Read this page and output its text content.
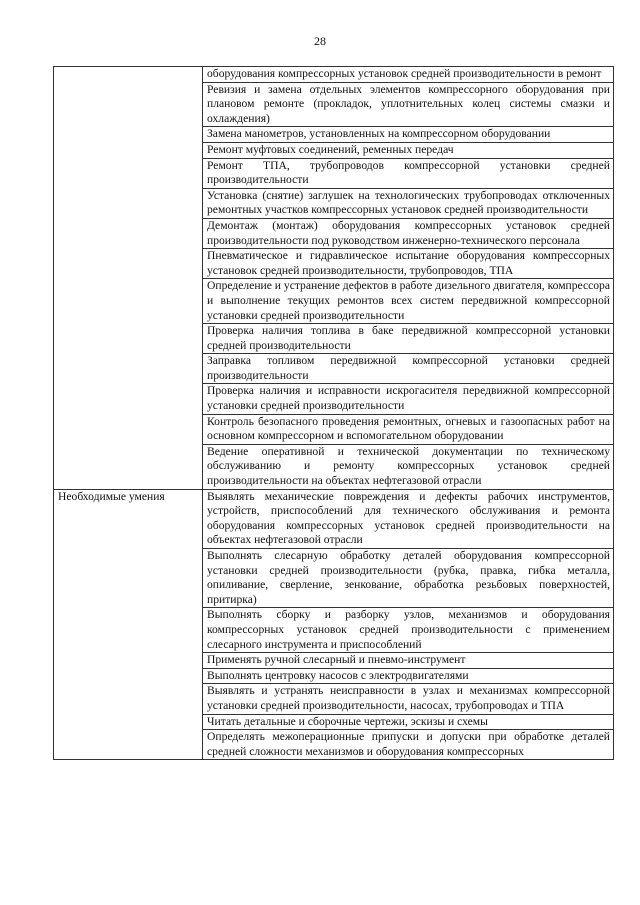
28
	оборудования компрессорных установок средней производительности в ремонт
	Ревизия и замена отдельных элементов компрессорного оборудования при плановом ремонте (прокладок, уплотнительных колец системы смазки и охлаждения)
	Замена манометров, установленных на компрессорном оборудовании
	Ремонт муфтовых соединений, ременных передач
	Ремонт ТПА, трубопроводов компрессорной установки средней производительности
	Установка (снятие) заглушек на технологических трубопроводах отключенных ремонтных участков компрессорных установок средней производительности
	Демонтаж (монтаж) оборудования компрессорных установок средней производительности под руководством инженерно-технического персонала
	Пневматическое и гидравлическое испытание оборудования компрессорных установок средней производительности, трубопроводов, ТПА
	Определение и устранение дефектов в работе дизельного двигателя, компрессора и выполнение текущих ремонтов всех систем передвижной компрессорной установки средней производительности
	Проверка наличия топлива в баке передвижной компрессорной установки средней производительности
	Заправка топливом передвижной компрессорной установки средней производительности
	Проверка наличия и исправности искрогасителя передвижной компрессорной установки средней производительности
	Контроль безопасного проведения ремонтных, огневых и газоопасных работ на основном компрессорном и вспомогательном оборудовании
	Ведение оперативной и технической документации по техническому обслуживанию и ремонту компрессорных установок средней производительности на объектах нефтегазовой отрасли
Необходимые умения	Выявлять механические повреждения и дефекты рабочих инструментов, устройств, приспособлений для технического обслуживания и ремонта оборудования компрессорных установок средней производительности на объектах нефтегазовой отрасли
	Выполнять слесарную обработку деталей оборудования компрессорной установки средней производительности (рубка, правка, гибка металла, опиливание, сверление, зенкование, обработка резьбовых поверхностей, притирка)
	Выполнять сборку и разборку узлов, механизмов и оборудования компрессорных установок средней производительности с применением слесарного инструмента и приспособлений
	Применять ручной слесарный и пневмо-инструмент
	Выполнять центровку насосов с электродвигателями
	Выявлять и устранять неисправности в узлах и механизмах компрессорной установки средней производительности, насосах, трубопроводах и ТПА
	Читать детальные и сборочные чертежи, эскизы и схемы
	Определять межоперационные припуски и допуски при обработке деталей средней сложности механизмов и оборудования компрессорных
